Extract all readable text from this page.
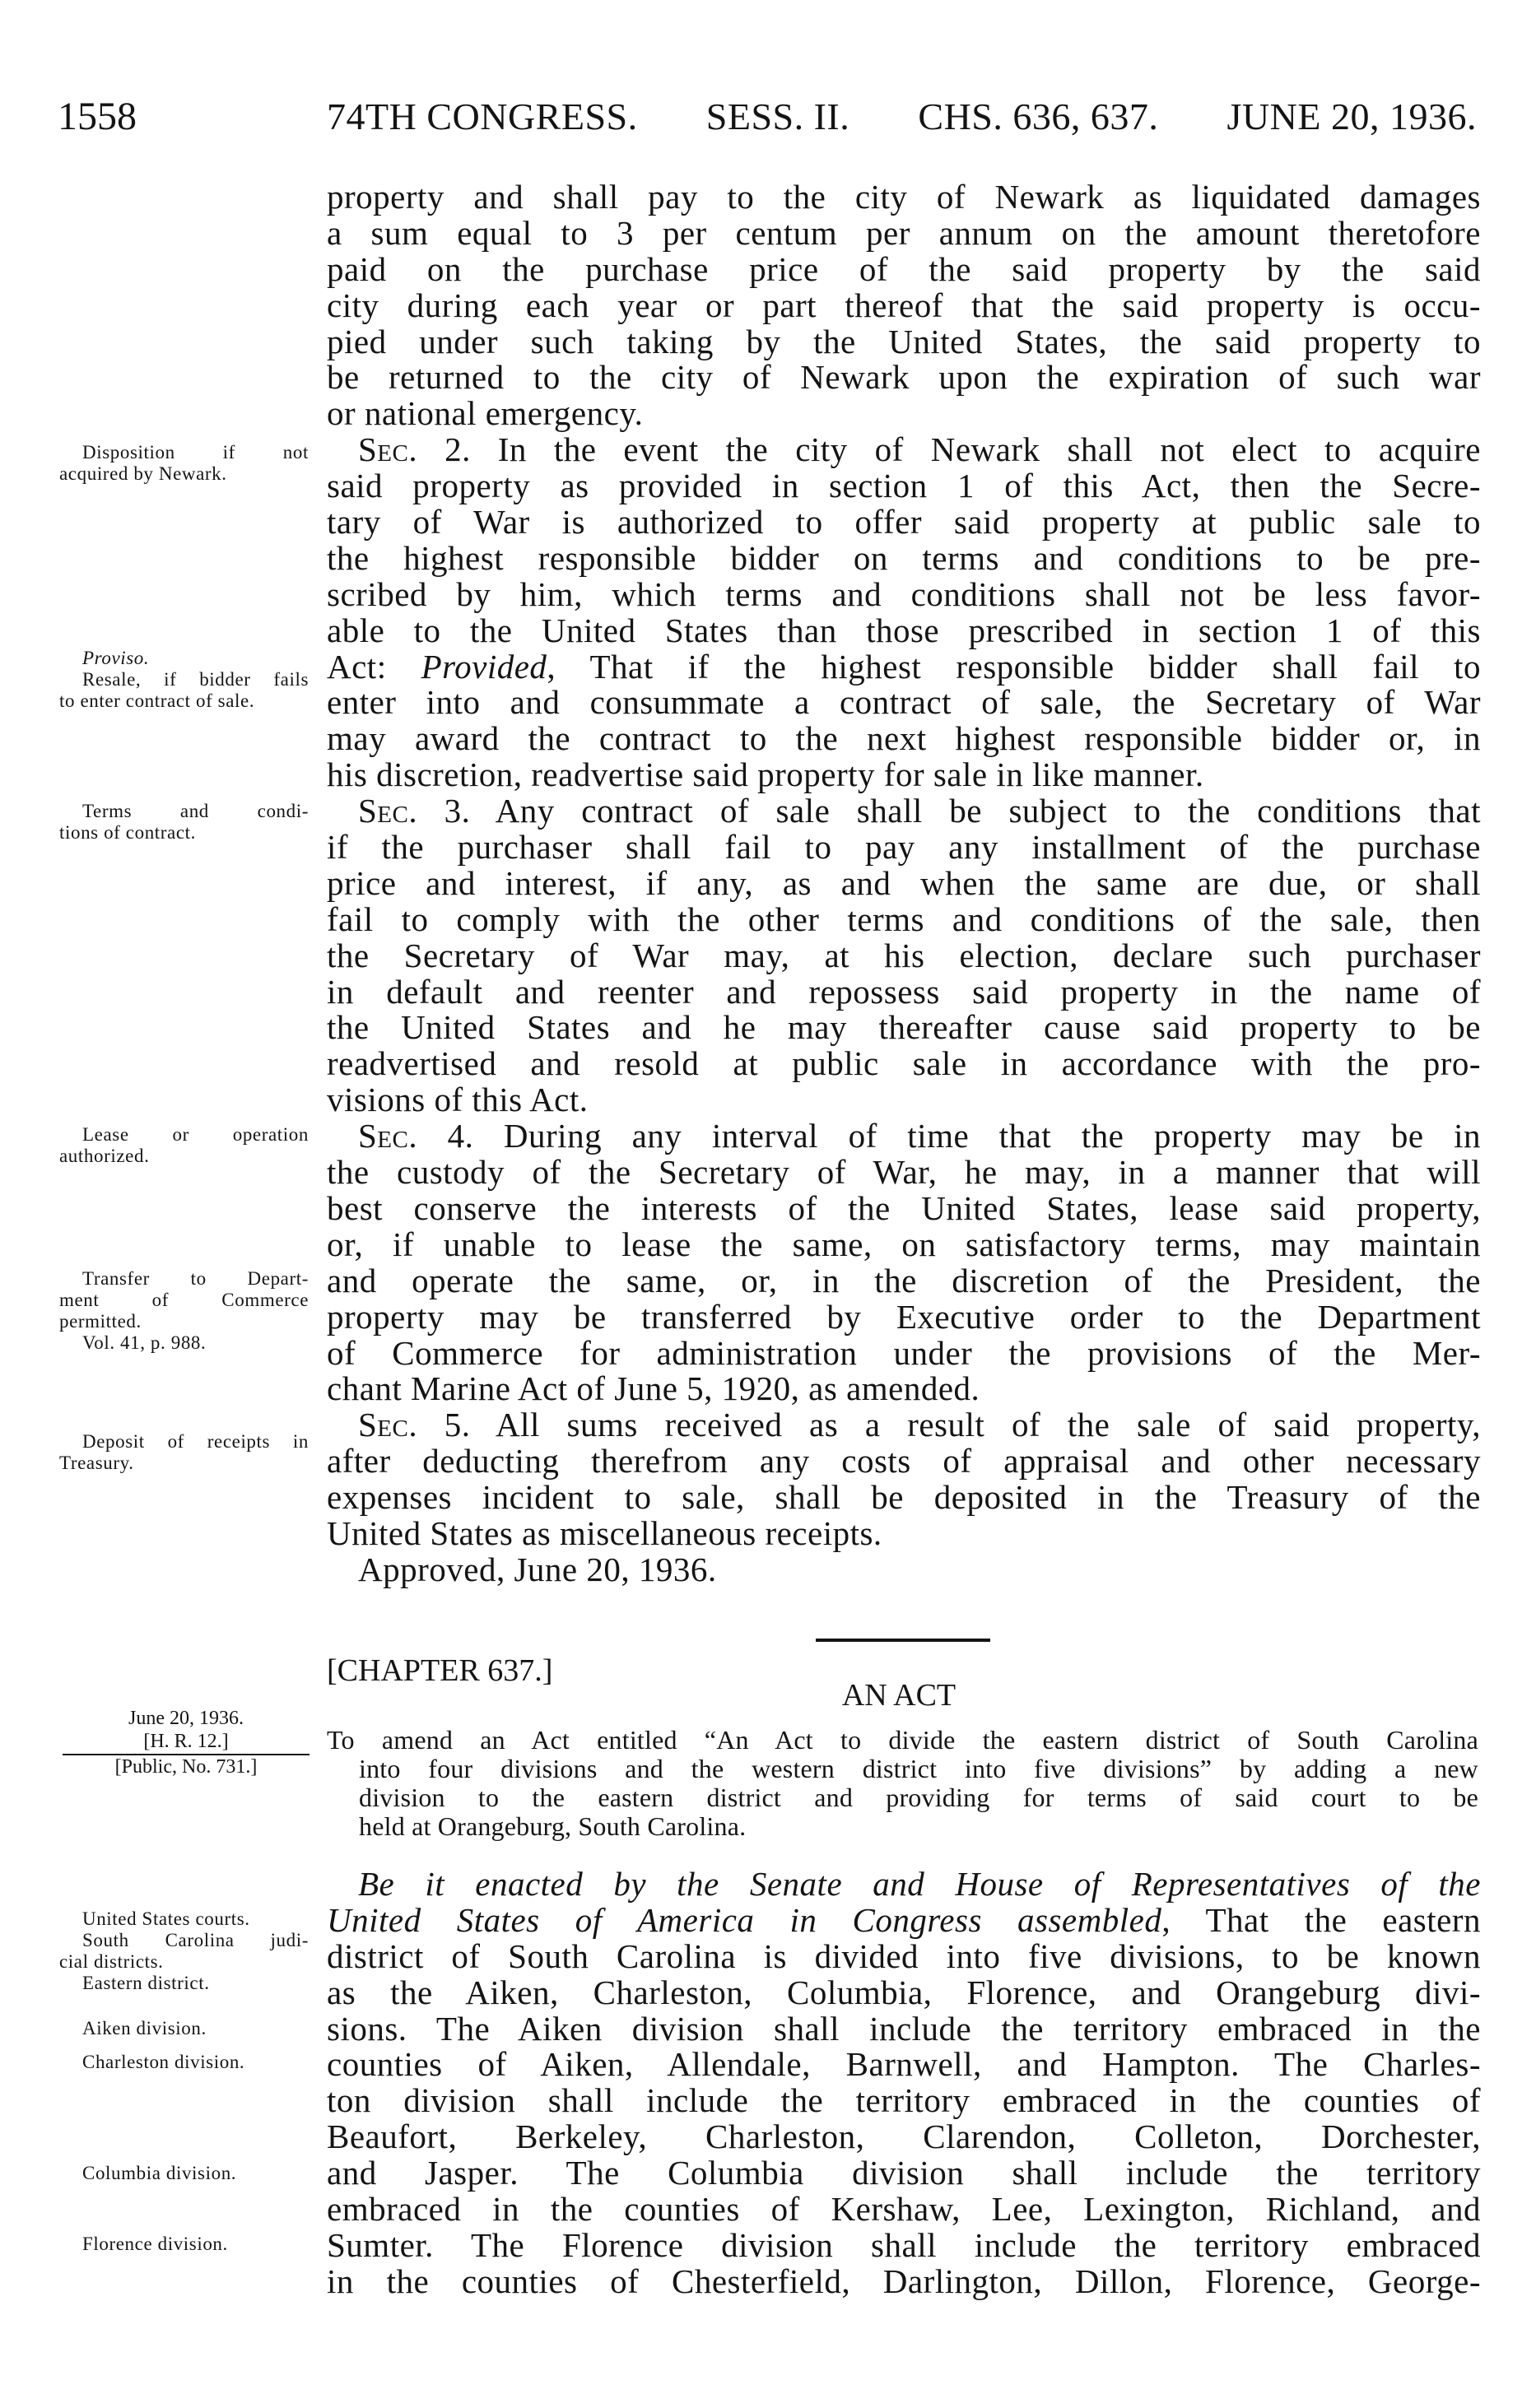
1558	74TH CONGRESS. SESS. II. CHS. 636, 637. JUNE 20, 1936.
property and shall pay to the city of Newark as liquidated damages
a sum equal to 3 per centum per annum on the amount theretofore
paid on the purchase price of the said property by the said
city during each year or part thereof that the said property is occu-
pied under such taking by the United States, the said property to
be returned to the city of Newark upon the expiration of such war
or national emergency.
Sec. 2. In the event the city of Newark shall not elect to acquire
said property as provided in section 1 of this Act, then the Secre-
tary of War is authorized to offer said property at public sale to
the highest responsible bidder on terms and conditions to be pre-
scribed by him, which terms and conditions shall not be less favor-
able to the United States than those prescribed in section 1 of this
Act: Provided, That if the highest responsible bidder shall fail to
enter into and consummate a contract of sale, the Secretary of War
may award the contract to the next highest responsible bidder or, in
his discretion, readvertise said property for sale in like manner.
Sec. 3. Any contract of sale shall be subject to the conditions that
if the purchaser shall fail to pay any installment of the purchase
price and interest, if any, as and when the same are due, or shall
fail to comply with the other terms and conditions of the sale, then
the Secretary of War may, at his election, declare such purchaser
in default and reenter and repossess said property in the name of
the United States and he may thereafter cause said property to be
readvertised and resold at public sale in accordance with the pro-
visions of this Act.
Sec. 4. During any interval of time that the property may be in
the custody of the Secretary of War, he may, in a manner that will
best conserve the interests of the United States, lease said property,
or, if unable to lease the same, on satisfactory terms, may maintain
and operate the same, or, in the discretion of the President, the
property may be transferred by Executive order to the Department
of Commerce for administration under the provisions of the Mer-
chant Marine Act of June 5, 1920, as amended.
Sec. 5. All sums received as a result of the sale of said property,
after deducting therefrom any costs of appraisal and other necessary
expenses incident to sale, shall be deposited in the Treasury of the
United States as miscellaneous receipts.
Approved, June 20, 1936.
[CHAPTER 637.]
AN ACT
To amend an Act entitled “An Act to divide the eastern district of South Carolina
into four divisions and the western district into five divisions” by adding a new
division to the eastern district and providing for terms of said court to be
held at Orangeburg, South Carolina.
June 20, 1936.
[H. R. 12.]
[Public, No. 731.]
Be it enacted by the Senate and House of Representatives of the
United States of America in Congress assembled, That the eastern
district of South Carolina is divided into five divisions, to be known
as the Aiken, Charleston, Columbia, Florence, and Orangeburg divi-
sions. The Aiken division shall include the territory embraced in the
counties of Aiken, Allendale, Barnwell, and Hampton. The Charles-
ton division shall include the territory embraced in the counties of
Beaufort, Berkeley, Charleston, Clarendon, Colleton, Dorchester,
and Jasper. The Columbia division shall include the territory
embraced in the counties of Kershaw, Lee, Lexington, Richland, and
Sumter. The Florence division shall include the territory embraced
in the counties of Chesterfield, Darlington, Dillon, Florence, George-
Disposition if not
acquired by Newark.
Proviso.
Resale, if bidder fails
to enter contract of sale.
Terms and condi-
tions of contract.
Lease or operation
authorized.
Transfer to Depart-
ment of Commerce
permitted.
Vol. 41, p. 988.
Deposit of receipts in
Treasury.
United States courts.
South Carolina judi-
cial districts.
Eastern district.
Aiken division.
Charleston division.
Columbia division.
Florence division.
